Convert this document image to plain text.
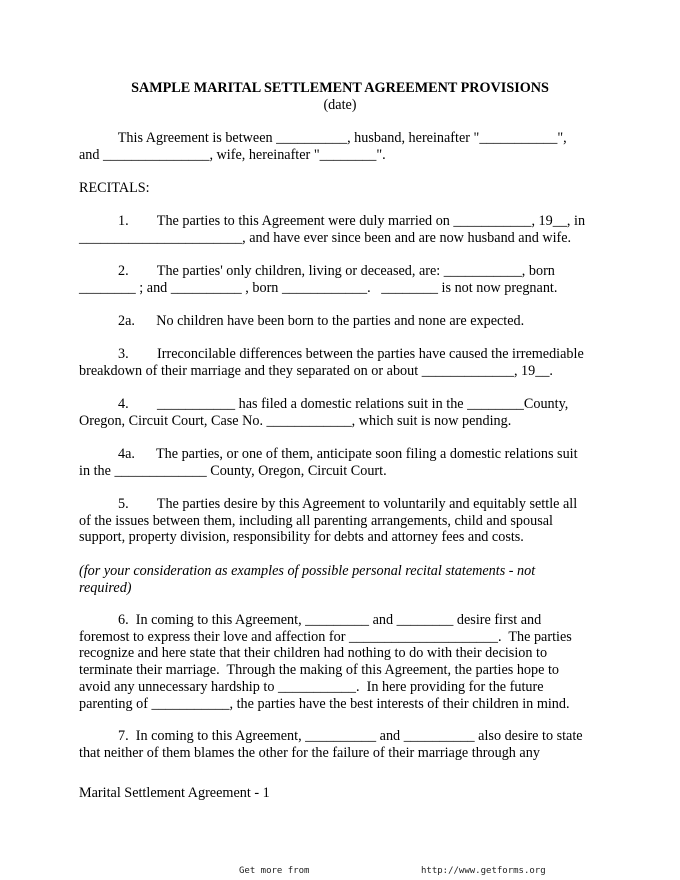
SAMPLE MARITAL SETTLEMENT AGREEMENT PROVISIONS
(date)
This Agreement is between __________, husband, hereinafter "___________",
and _______________, wife, hereinafter "________".
RECITALS:
1.        The parties to this Agreement were duly married on ___________, 19__, in
_______________________, and have ever since been and are now husband and wife.
2.        The parties' only children, living or deceased, are: ___________, born
________ ; and __________ , born ____________.   ________ is not now pregnant.
2a.      No children have been born to the parties and none are expected.
3.        Irreconcilable differences between the parties have caused the irremediable
breakdown of their marriage and they separated on or about _____________, 19__.
4.        ___________ has filed a domestic relations suit in the ________County,
Oregon, Circuit Court, Case No. ____________, which suit is now pending.
4a.      The parties, or one of them, anticipate soon filing a domestic relations suit
in the _____________ County, Oregon, Circuit Court.
5.        The parties desire by this Agreement to voluntarily and equitably settle all
of the issues between them, including all parenting arrangements, child and spousal
support, property division, responsibility for debts and attorney fees and costs.
(for your consideration as examples of possible personal recital statements - not
required)
6.  In coming to this Agreement, _________ and ________ desire first and
foremost to express their love and affection for _____________________.  The parties
recognize and here state that their children had nothing to do with their decision to
terminate their marriage.  Through the making of this Agreement, the parties hope to
avoid any unnecessary hardship to ___________.  In here providing for the future
parenting of ___________, the parties have the best interests of their children in mind.
7.  In coming to this Agreement, __________ and __________ also desire to state
that neither of them blames the other for the failure of their marriage through any
Marital Settlement Agreement - 1
Get more from	http://www.getforms.org
